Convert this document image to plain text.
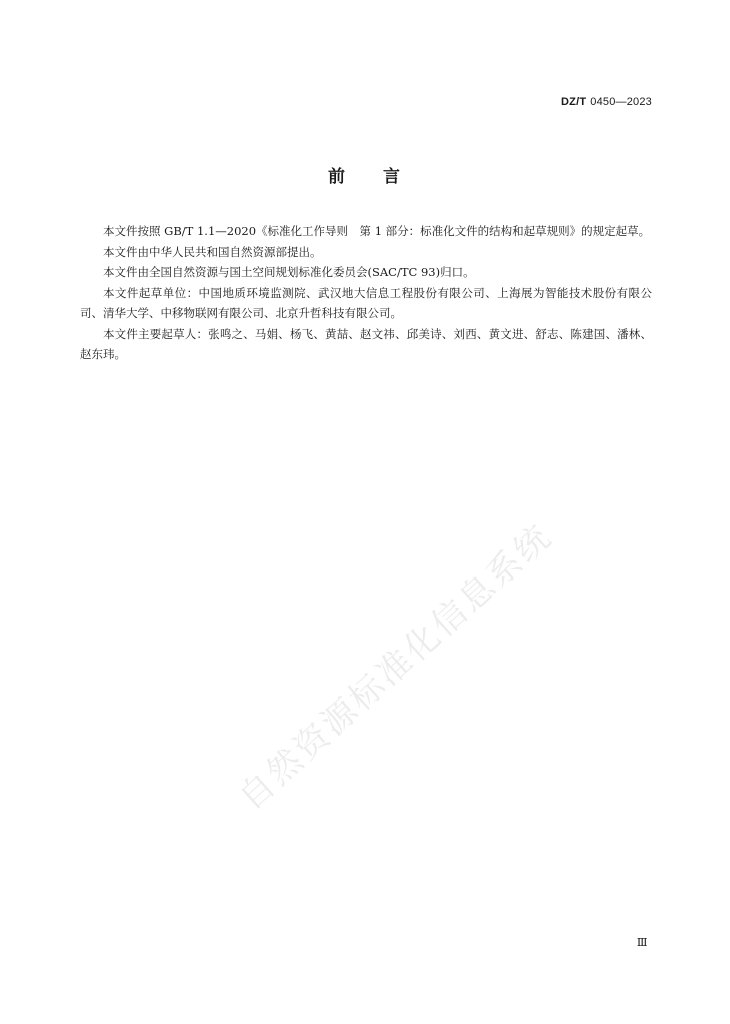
DZ/T 0450—2023
前 言

本文件按照 GB/T 1.1—2020《标准化工作导则　第 1 部分：标准化文件的结构和起草规则》的规定起草。

本文件由中华人民共和国自然资源部提出。

本文件由全国自然资源与国土空间规划标准化委员会(SAC/TC 93)归口。

本文件起草单位：中国地质环境监测院、武汉地大信息工程股份有限公司、上海展为智能技术股份有限公司、清华大学、中移物联网有限公司、北京升哲科技有限公司。

本文件主要起草人：张鸣之、马娟、杨飞、黄喆、赵文祎、邱美诗、刘西、黄文进、舒志、陈建国、潘林、赵东玮。

自然资源标准化信息系统
Ⅲ
